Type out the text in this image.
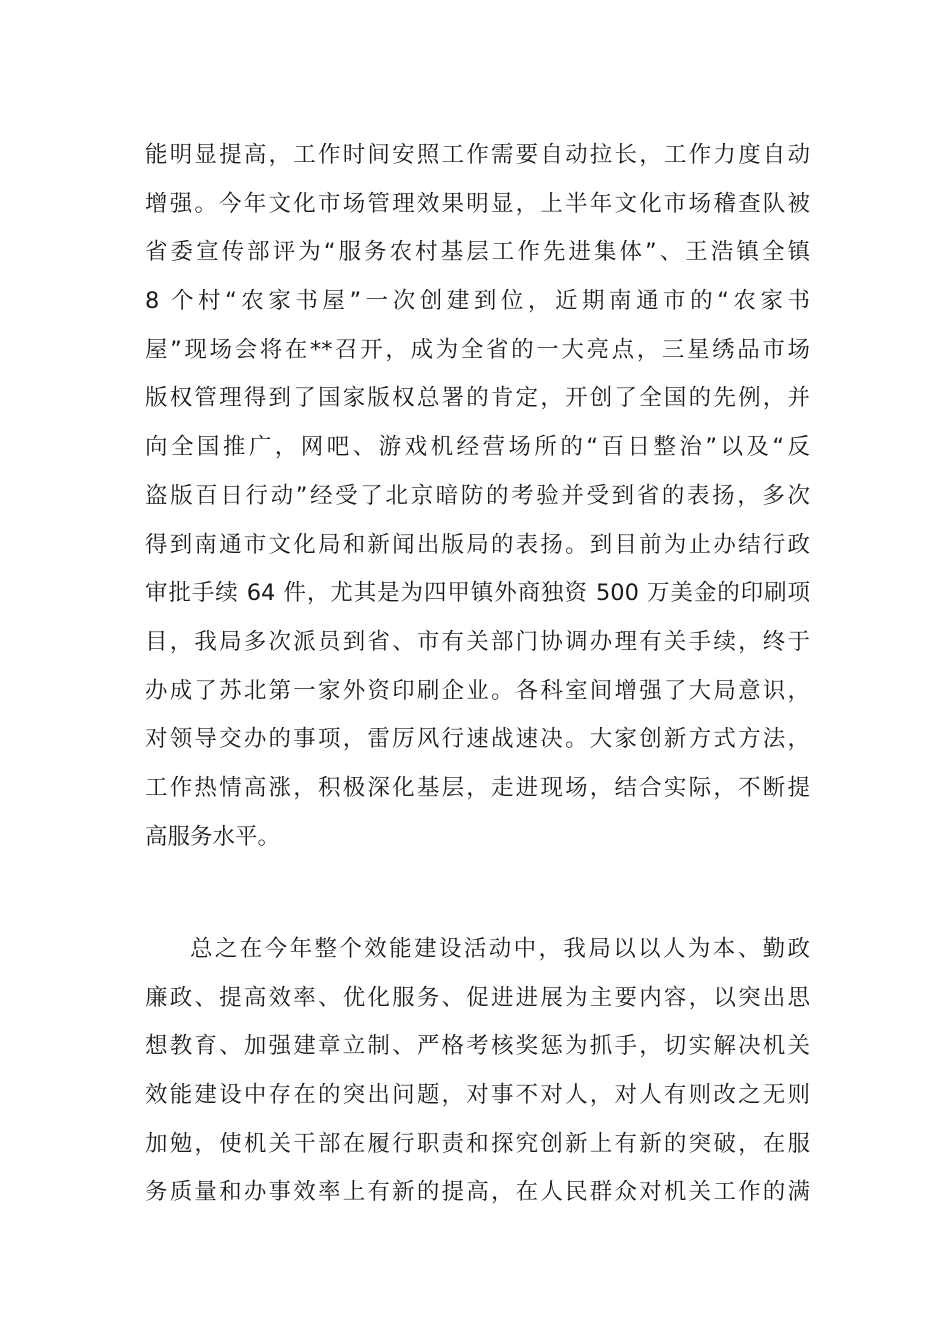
能明显提高，工作时间安照工作需要自动拉长，工作力度自动
增强。今年文化市场管理效果明显，上半年文化市场稽查队被
省委宣传部评为“服务农村基层工作先进集体”、王浩镇全镇
8 个村“农家书屋”一次创建到位，近期南通市的“农家书
屋”现场会将在**召开，成为全省的一大亮点，三星绣品市场
版权管理得到了国家版权总署的肯定，开创了全国的先例，并
向全国推广，网吧、游戏机经营场所的“百日整治”以及“反
盗版百日行动”经受了北京暗防的考验并受到省的表扬，多次
得到南通市文化局和新闻出版局的表扬。到目前为止办结行政
审批手续 64 件，尤其是为四甲镇外商独资 500 万美金的印刷项
目，我局多次派员到省、市有关部门协调办理有关手续，终于
办成了苏北第一家外资印刷企业。各科室间增强了大局意识，
对领导交办的事项，雷厉风行速战速决。大家创新方式方法，
工作热情高涨，积极深化基层，走进现场，结合实际，不断提
高服务水平。
总之在今年整个效能建设活动中，我局以以人为本、勤政
廉政、提高效率、优化服务、促进进展为主要内容，以突出思
想教育、加强建章立制、严格考核奖惩为抓手，切实解决机关
效能建设中存在的突出问题，对事不对人，对人有则改之无则
加勉，使机关干部在履行职责和探究创新上有新的突破，在服
务质量和办事效率上有新的提高，在人民群众对机关工作的满
